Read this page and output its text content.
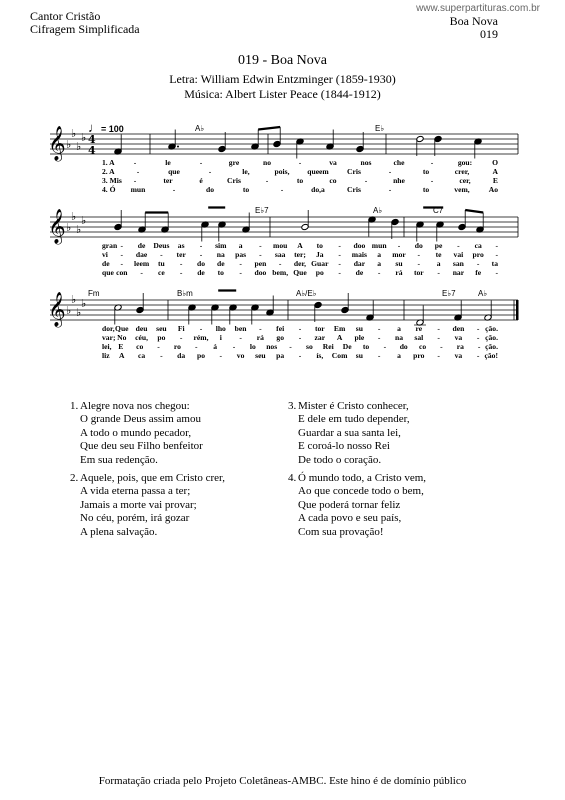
Cantor Cristão
Cifragem Simplificada
www.superpartituras.com.br
Boa Nova
019
019 - Boa Nova
Letra: William Edwin Entzminger (1859-1930)
Música: Albert Lister Peace (1844-1912)
𝄞 ♭
♭
♭
♭ 4
4
𝄞 ♭
♭
♭
♭
𝄞 ♭
♭
♭
♭
♩= 100	A♭	E♭
E♭7	A♭	C7
Fm	B♭m	A♭/E♭	E♭7	A♭
1. A	-	le	-	gre	no	-	va	nos	che	-	gou:	O
2. A	-	que	-	le,	pois, queem Cris	-	to	crer,	A
3. Mis -	ter	é	Cris	-	to	co	-	nhe	-	cer,	E
4. Ó mun	-	do	to	-	do,a	Cris	-	to	vem,	Ao
gran - de Deus as - sim a - mou A to - doo mun - do pe - ca -
vi - daе - ter - na pas - saa ter; Ja - mais a mor - te vai pro -
de - leem tu - do de - pen - der, Guar - dar a su - a san - ta
que con - ce - de to - doo bem, Que po - de - rá tor - nar fe -
dor, Que deu seu Fi - lho ben - fei - tor Em su - a re - den - ção.
var; No céu, po - rém, i - rá go - zar A ple - na sal - va - ção.
lei, E co - ro - á - lo nos - so Rei De to - do co - ra - ção.
liz A ca - da po - vo seu pa - ís, Com su - a pro - va - ção!
1. Alegre nova nos chegou:
O grande Deus assim amou
A todo o mundo pecador,
Que deu seu Filho benfeitor
Em sua redenção.
2. Aquele, pois, que em Cristo crer,
A vida eterna passa a ter;
Jamais a morte vai provar;
No céu, porém, irá gozar
A plena salvação.
3. Mister é Cristo conhecer,
E dele em tudo depender,
Guardar a sua santa lei,
E coroá-lo nosso Rei
De todo o coração.
4. Ó mundo todo, a Cristo vem,
Ao que concede todo o bem,
Que poderá tornar feliz
A cada povo e seu país,
Com sua provação!
Formatação criada pelo Projeto Coletâneas-AMBC. Este hino é de domínio público
